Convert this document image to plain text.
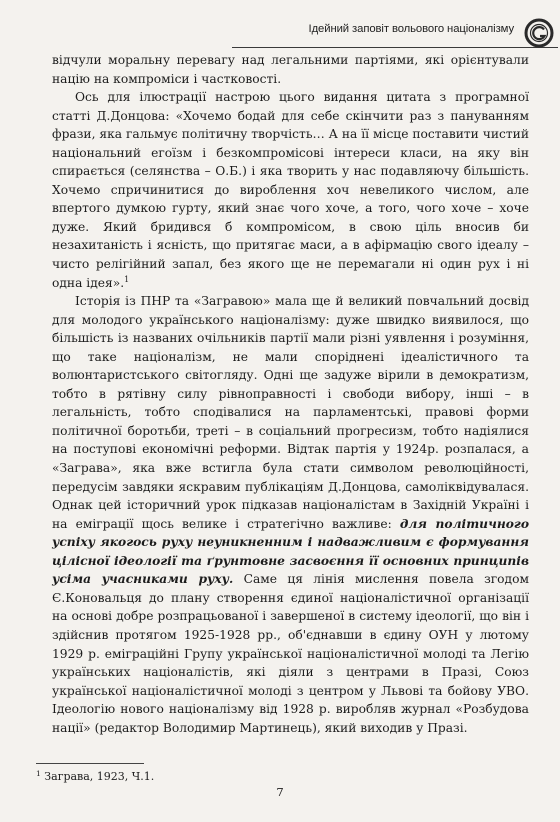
Ідейний заповіт вольового націоналізму

відчули моральну перевагу над легальними партіями, які орієнтували націю на компроміси і частковості.

Ось для ілюстрації настрою цього видання цитата з програмної статті Д.Донцова: «Хочемо бодай для себе скінчити раз з пануванням фрази, яка гальмує політичну творчість… А на її місце поставити чистий національний егоїзм і безкомпромісові інтереси класи, на яку він спирається (селянства – О.Б.) і яка творить у нас подавляючу більшість. Хочемо спричинитися до вироблення хоч невеликого числом, але впертого думкою гурту, який знає чого хоче, а того, чого хоче – хоче дуже. Який бридився б компромісом, в свою ціль вносив би незахитаність і ясність, що притягає маси, а в афірмацію свого ідеалу – чисто релігійний запал, без якого ще не перемагали ні один рух і ні одна ідея».$^1$

Історія із ПНР та «Загравою» мала ще й великий повчальний досвід для молодого українського націоналізму: дуже швидко виявилося, що більшість із названих очільників партії мали різні уявлення і розуміння, що таке націоналізм, не мали споріднені ідеалістичного та волюнтаристського світогляду. Одні ще задуже вірили в демократизм, тобто в рятівну силу рівноправності і свободи вибору, інші – в легальність, тобто сподівалися на парламентські, правові форми політичної боротьби, треті – в соціальний прогресизм, тобто надіялися на поступові економічні реформи. Відтак партія у 1924р. розпалася, а «Заграва», яка вже встигла була стати символом революційності, передусім завдяки яскравим публікаціям Д.Донцова, самоліквідувалася. Однак цей історичний урок підказав націоналістам в Західній Україні і на еміграції щось велике і стратегічно важливе: для політичного успіху якогось руху неуникненним і надважливим є формування цілісної ідеології та ґрунтовне засвоєння її основних принципів усіма учасниками руху. Саме ця лінія мислення повела згодом Є.Коновальця до плану створення єдиної націоналістичної організації на основі добре розпрацьованої і завершеної в систему ідеології, що він і здійснив протягом 1925-1928 рр., об'єднавши в єдину ОУН у лютому 1929 р. еміграційні Групу української націоналістичної молоді та Легію українських націоналістів, які діяли з центрами в Празі, Союз української націоналістичної молоді з центром у Львові та бойову УВО. Ідеологію нового націоналізму від 1928 р. виробляв журнал «Розбудова нації» (редактор Володимир Мартинець), який виходив у Празі.

$^1$ Заграва, 1923, Ч.1.
7
